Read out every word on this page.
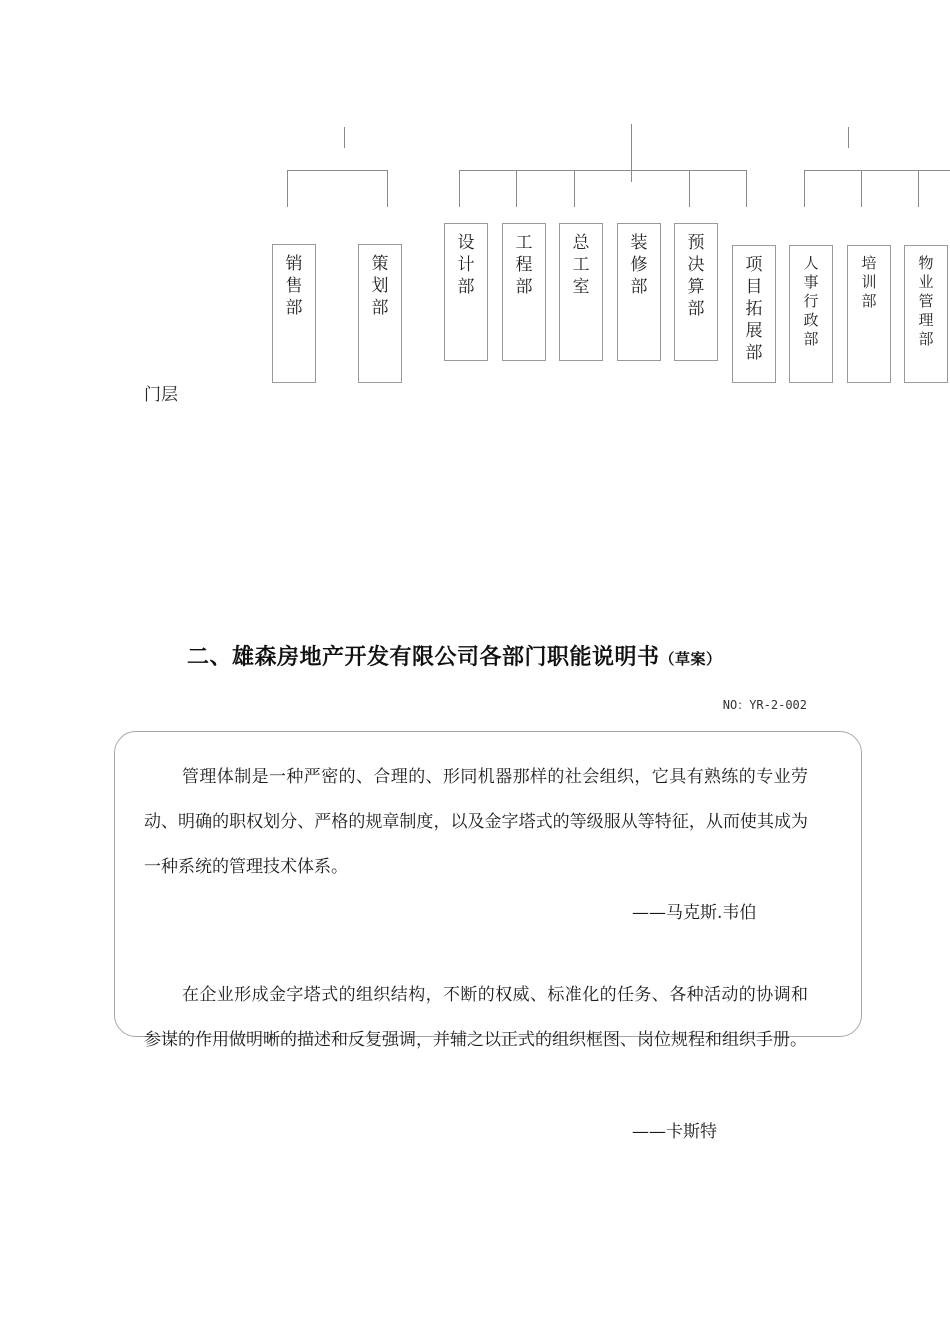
销
售
部
策
划
部
设
计
部
工
程
部
总
工
室
装
修
部
预
决
算
部
项
目
拓
展
部
人
事
行
政
部
培
训
部
物
业
管
理
部
门层
二、雄森房地产开发有限公司各部门职能说明书（草案）
NO：YR-2-002
管理体制是一种严密的、合理的、形同机器那样的社会组织，它具有熟练的专业劳动、明确的职权划分、严格的规章制度，以及金字塔式的等级服从等特征，从而使其成为一种系统的管理技术体系。
——马克斯.韦伯
在企业形成金字塔式的组织结构，不断的权威、标准化的任务、各种活动的协调和参谋的作用做明晰的描述和反复强调，并辅之以正式的组织框图、岗位规程和组织手册。
——卡斯特
